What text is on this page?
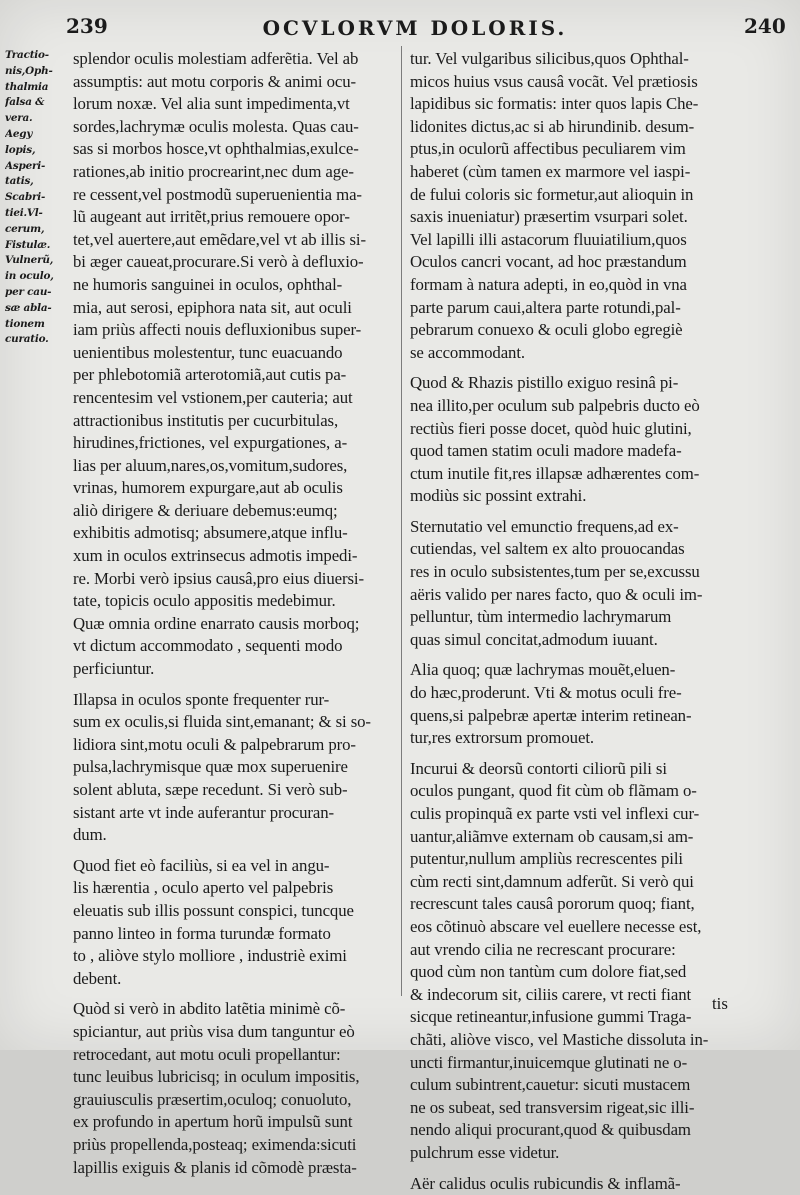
239	OCVLORVM DOLORIS.	240
Tractio-
nis,Oph-
thalmia
falsa &
vera.
Aegy
lopis,
Asperi-
tatis,
Scabri-
tiei.Vl-
cerum,
Fistulæ.
Vulnerũ,
in oculo,
per cau-
sæ abla-
tionem
curatio.
splendor oculis molestiam adferẽtia. Vel ab
assumptis: aut motu corporis & animi ocu-
lorum noxæ. Vel alia sunt impedimenta,vt
sordes,lachrymæ oculis molesta. Quas cau-
sas si morbos hosce,vt ophthalmias,exulce-
rationes,ab initio procrearint,nec dum age-
re cessent,vel postmodũ superuenientia ma-
lũ augeant aut irritẽt,prius remouere opor-
tet,vel auertere,aut emẽdare,vel vt ab illis si-
bi æger caueat,procurare.Si verò à defluxio-
ne humoris sanguinei in oculos, ophthal-
mia, aut serosi, epiphora nata sit, aut oculi
iam priùs affecti nouis defluxionibus super-
uenientibus molestentur, tunc euacuando
per phlebotomiã arterotomiã,aut cutis pa-
rencentesim vel vstionem,per cauteria; aut
attractionibus institutis per cucurbitulas,
hirudines,frictiones, vel expurgationes, a-
lias per aluum,nares,os,vomitum,sudores,
vrinas, humorem expurgare,aut ab oculis
aliò dirigere & deriuare debemus:eumq;
exhibitis admotisq; absumere,atque influ-
xum in oculos extrinsecus admotis impedi-
re. Morbi verò ipsius causâ,pro eius diuersi-
tate, topicis oculo appositis medebimur.
Quæ omnia ordine enarrato causis morboq;
vt dictum accommodato , sequenti modo
perficiuntur.
Illapsa in oculos sponte frequenter rur-
sum ex oculis,si fluida sint,emanant; & si so-
lidiora sint,motu oculi & palpebrarum pro-
pulsa,lachrymisque quæ mox superuenire
solent abluta, sæpe recedunt. Si verò sub-
sistant arte vt inde auferantur procuran-
dum.
Quod fiet eò faciliùs, si ea vel in angu-
lis hærentia , oculo aperto vel palpebris
eleuatis sub illis possunt conspici, tuncque
panno linteo in forma turundæ formato
to , aliòve stylo molliore , industriè eximi
debent.
Quòd si verò in abdito latẽtia minimè cõ-
spiciantur, aut priùs visa dum tanguntur eò
retrocedant, aut motu oculi propellantur:
tunc leuibus lubricisq; in oculum impositis,
grauiusculis præsertim,oculoq; conuoluto,
ex profundo in apertum horũ impulsũ sunt
priùs propellenda,posteaq; eximenda:sicuti
lapillis exiguis & planis id cõmodè præsta-
tur. Vel vulgaribus silicibus,quos Ophthal-
micos huius vsus causâ vocãt. Vel prætiosis
lapidibus sic formatis: inter quos lapis Che-
lidonites dictus,ac si ab hirundinib. desum-
ptus,in oculorũ affectibus peculiarem vim
haberet (cùm tamen ex marmore vel iaspi-
de fului coloris sic formetur,aut alioquin in
saxis inueniatur) præsertim vsurpari solet.
Vel lapilli illi astacorum fluuiatilium,quos
Oculos cancri vocant, ad hoc præstandum
formam à natura adepti, in eo,quòd in vna
parte parum caui,altera parte rotundi,pal-
pebrarum conuexo & oculi globo egregiè
se accommodant.
Quod & Rhazis pistillo exiguo resinâ pi-
nea illito,per oculum sub palpebris ducto eò
rectiùs fieri posse docet, quòd huic glutini,
quod tamen statim oculi madore madefa-
ctum inutile fit,res illapsæ adhærentes com-
modiùs sic possint extrahi.
Sternutatio vel emunctio frequens,ad ex-
cutiendas, vel saltem ex alto prouocandas
res in oculo subsistentes,tum per se,excussu
aëris valido per nares facto, quo & oculi im-
pelluntur, tùm intermedio lachrymarum
quas simul concitat,admodum iuuant.
Alia quoq; quæ lachrymas mouẽt,eluen-
do hæc,proderunt. Vti & motus oculi fre-
quens,si palpebræ apertæ interim retinean-
tur,res extrorsum promouet.
Incurui & deorsũ contorti ciliorũ pili si
oculos pungant, quod fit cùm ob flãmam o-
culis propinquã ex parte vsti vel inflexi cur-
uantur,aliãmve externam ob causam,si am-
putentur,nullum ampliùs recrescentes pili
cùm recti sint,damnum adferũt. Si verò qui
recrescunt tales causâ pororum quoq; fiant,
eos cõtinuò abscare vel euellere necesse est,
aut vrendo cilia ne recrescant procurare:
quod cùm non tantùm cum dolore fiat,sed
& indecorum sit, ciliis carere, vt recti fiant
sicque retineantur,infusione gummi Traga-
chãti, aliòve visco, vel Mastiche dissoluta in-
uncti firmantur,inuicemque glutinati ne o-
culum subintrent,cauetur: sicuti mustacem
ne os subeat, sed transversim rigeat,sic illi-
nendo aliqui procurant,quod & quibusdam
pulchrum esse videtur.
Aër calidus oculis rubicundis & inflamã-
tis
